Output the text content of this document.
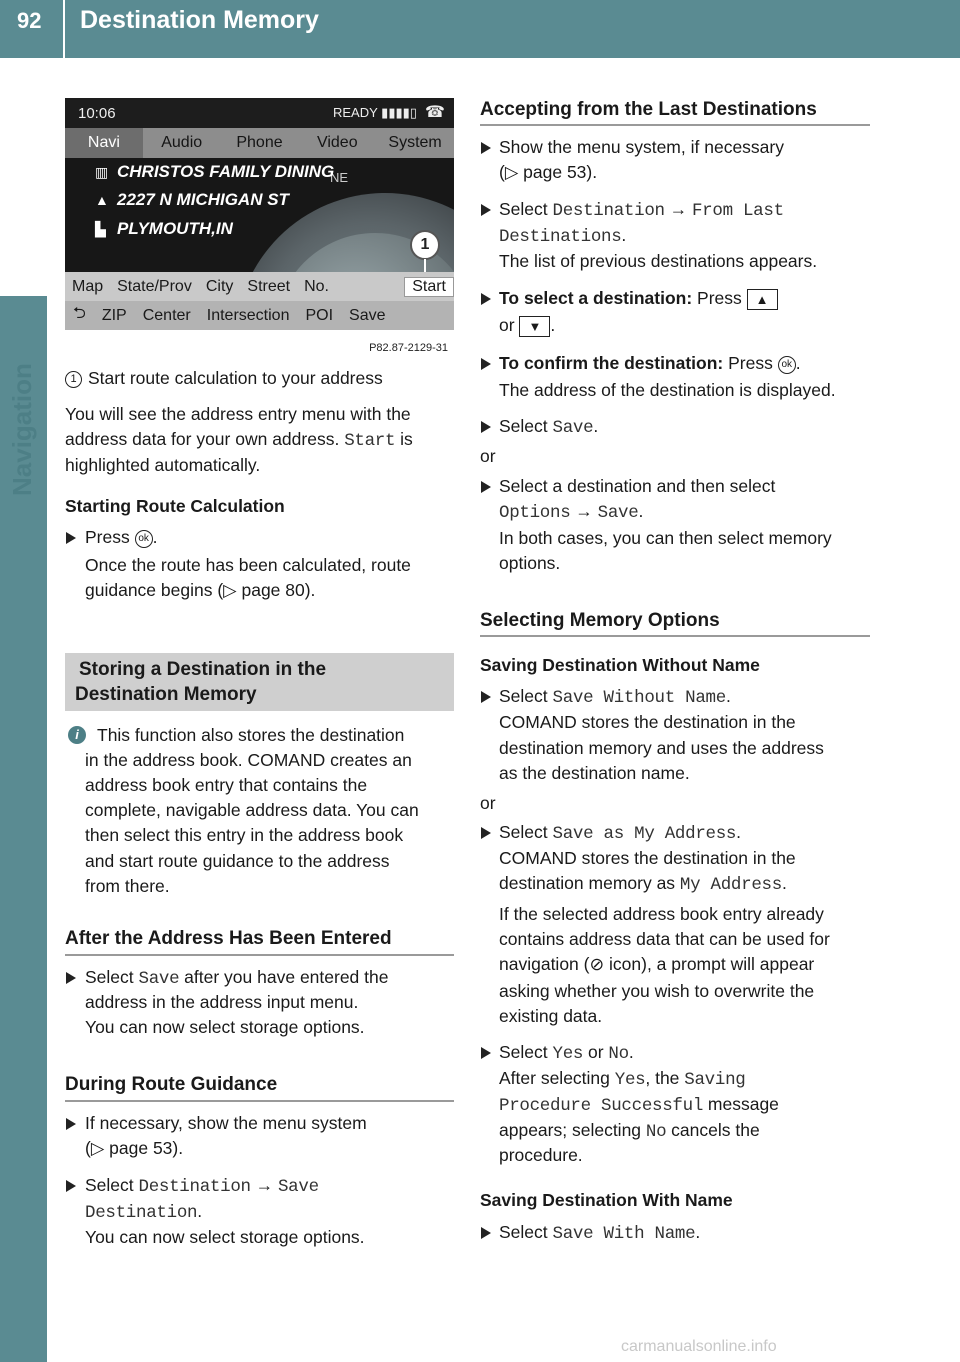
92 Destination Memory
Navigation
10:06	READY ▮▮▮▮▯ ☎
Navi	Audio	Phone	Video	System
NE
▥ CHRISTOS FAMILY DINING
▲ 2227 N MICHIGAN ST
▙ PLYMOUTH,IN
1
Map State/Prov City Street No.	Start
⮌	ZIP	Center	Intersection	POI	Save
P82.87-2129-31
1 Start route calculation to your address
You will see the address entry menu with the
address data for your own address. Start is
highlighted automatically.
Starting Route Calculation
Press ok .
Once the route has been calculated, route
guidance begins (▷ page 80).
Storing a Destination in the
Destination Memory
i	This function also stores the destination
in the address book. COMAND creates an
address book entry that contains the
complete, navigable address data. You can
then select this entry in the address book
and start route guidance to the address
from there.
After the Address Has Been Entered
Select Save after you have entered the
address in the address input menu.
You can now select storage options.
During Route Guidance
If necessary, show the menu system
(▷ page 53).
Select Destination → Save
Destination.
You can now select storage options.
Accepting from the Last Destinations
Show the menu system, if necessary
(▷ page 53).
Select Destination → From Last
Destinations.
The list of previous destinations appears.
To select a destination: Press ▲
or ▼ .
To confirm the destination: Press ok .
The address of the destination is displayed.
Select Save.
or
Select a destination and then select
Options → Save.
In both cases, you can then select memory
options.
Selecting Memory Options
Saving Destination Without Name
Select Save Without Name.
COMAND stores the destination in the
destination memory and uses the address
as the destination name.
or
Select Save as My Address.
COMAND stores the destination in the
destination memory as My Address.
If the selected address book entry already
contains address data that can be used for
navigation (⊘ icon), a prompt will appear
asking whether you wish to overwrite the
existing data.
Select Yes or No.
After selecting Yes, the Saving
Procedure Successful message
appears; selecting No cancels the
procedure.
Saving Destination With Name
Select Save With Name.
carmanualsonline.info
